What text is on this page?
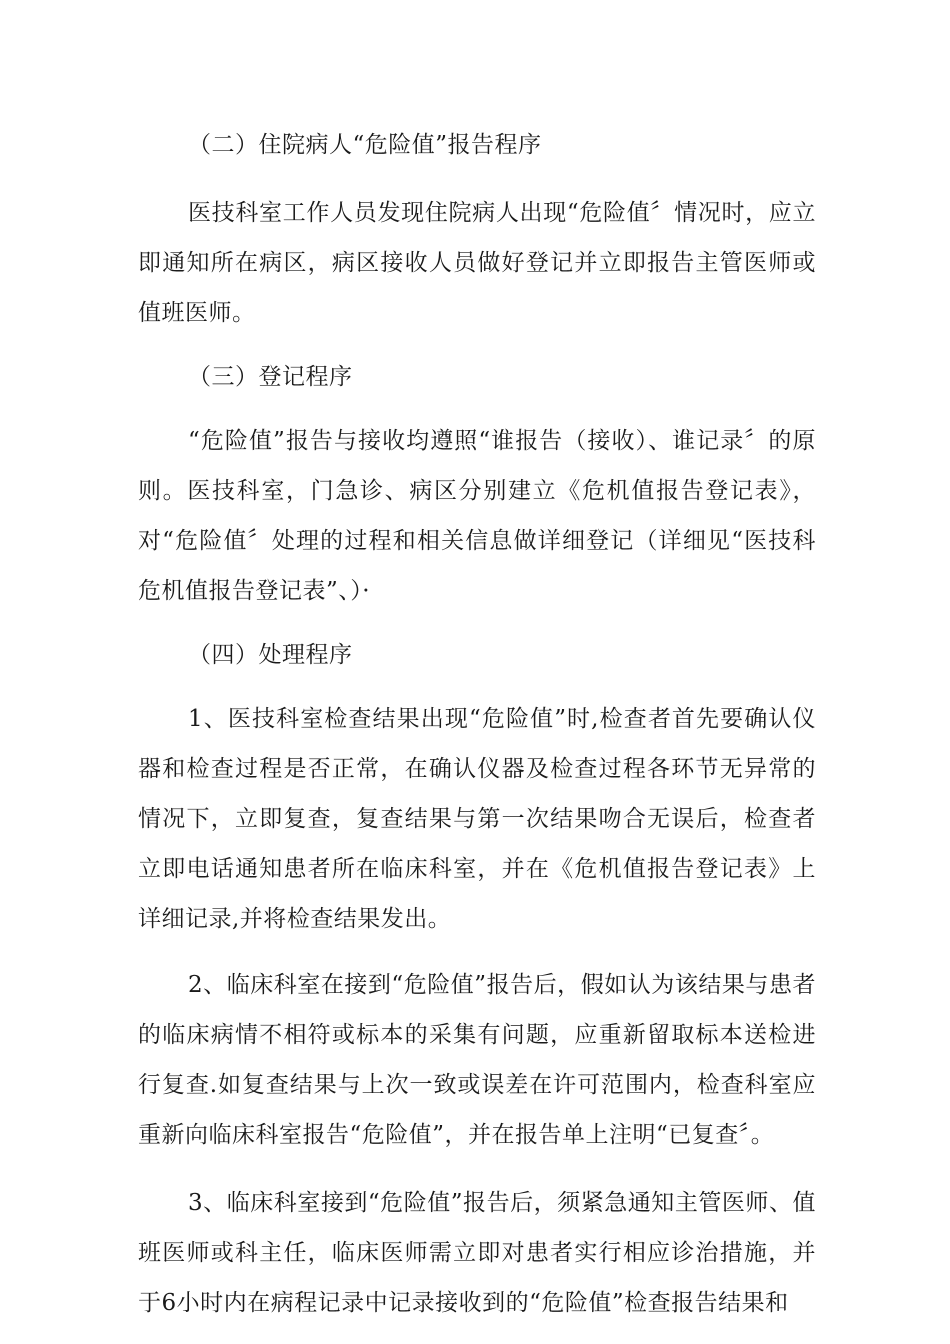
（二）住院病人“危险值”报告程序

医技科室工作人员发现住院病人出现“危险值〞情况时，应立即通知所在病区，病区接收人员做好登记并立即报告主管医师或值班医师。

（三）登记程序

“危险值”报告与接收均遵照“谁报告（接收）、谁记录〞的原则。医技科室，门急诊、病区分别建立《危机值报告登记表》，对“危险值〞处理的过程和相关信息做详细登记（详细见“医技科危机值报告登记表”、）·

（四）处理程序

1、医技科室检查结果出现“危险值”时,检查者首先要确认仪器和检查过程是否正常，在确认仪器及检查过程各环节无异常的情况下，立即复查，复查结果与第一次结果吻合无误后，检查者立即电话通知患者所在临床科室，并在《危机值报告登记表》上详细记录,并将检查结果发出。

2、临床科室在接到“危险值”报告后，假如认为该结果与患者的临床病情不相符或标本的采集有问题，应重新留取标本送检进行复查.如复查结果与上次一致或误差在许可范围内，检查科室应重新向临床科室报告“危险值”，并在报告单上注明“已复查〞。

3、临床科室接到“危险值”报告后，须紧急通知主管医师、值班医师或科主任，临床医师需立即对患者实行相应诊治措施，并于6小时内在病程记录中记录接收到的“危险值”检查报告结果和
